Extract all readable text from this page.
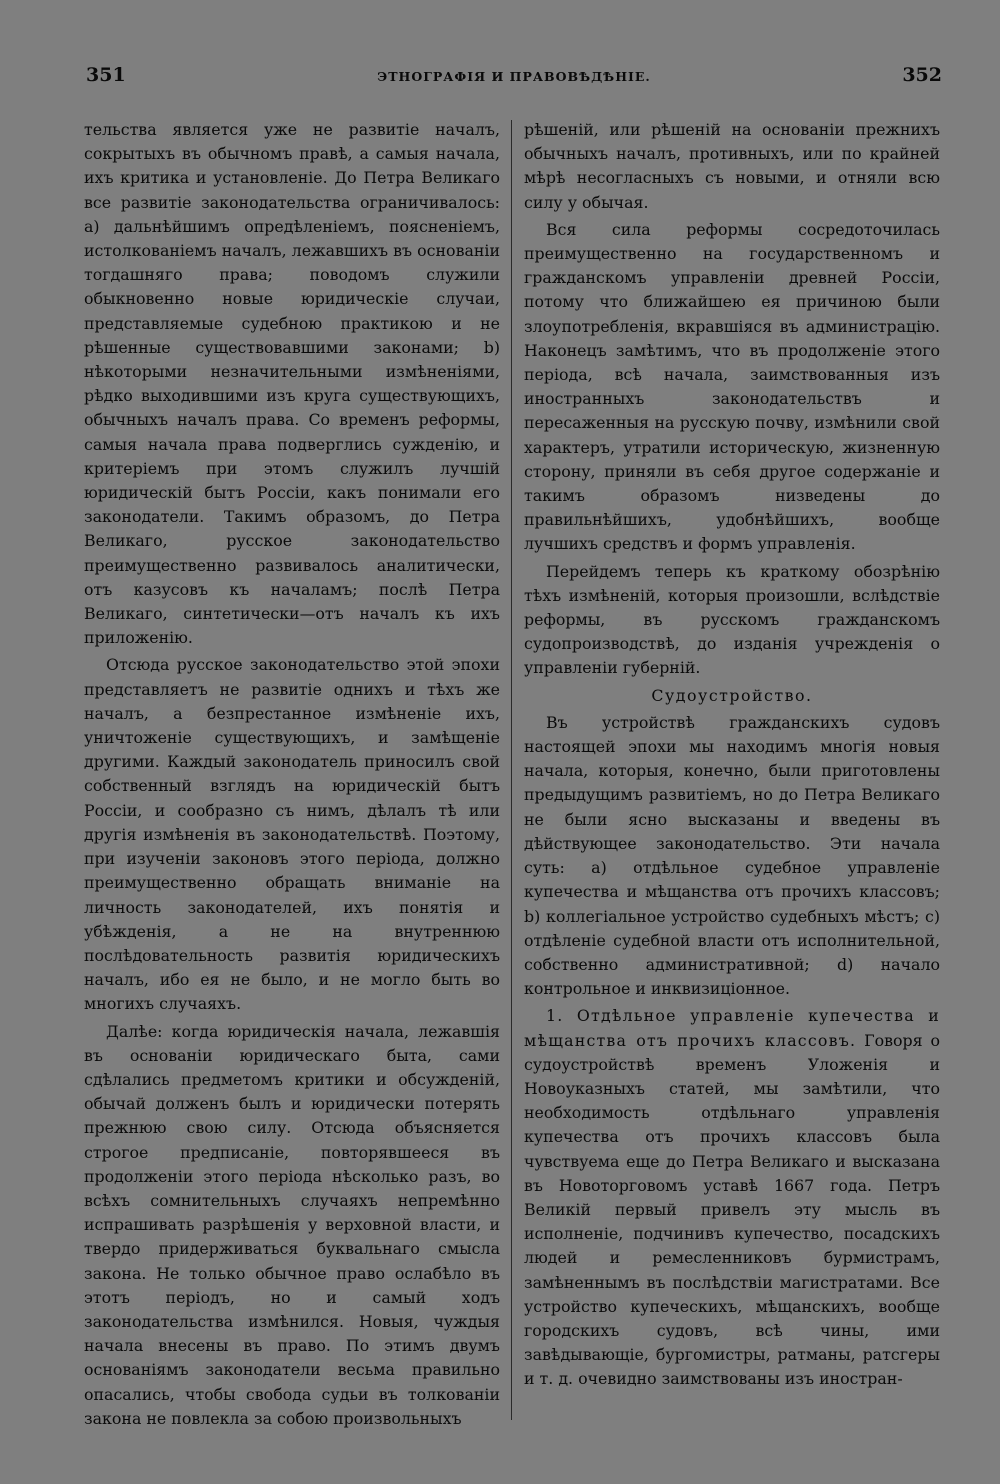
351	ЭТНОГРАФІЯ И ПРАВОВѢДѢНІЕ.	352

тельства является уже не развитіе началъ, сокрытыхъ въ обычномъ правѣ, а самыя начала, ихъ критика и установленіе. До Петра Великаго все развитіе законодательства ограничивалось: a) дальнѣйшимъ опредѣленіемъ, поясненіемъ, истолкованіемъ началъ, лежавшихъ въ основаніи тогдашняго права; поводомъ служили обыкновенно новые юридическіе случаи, представляемые судебною практикою и не рѣшенные существовавшими законами; b) нѣкоторыми незначительными измѣненіями, рѣдко выходившими изъ круга существующихъ, обычныхъ началъ права. Со временъ реформы, самыя начала права подверглись сужденію, и критеріемъ при этомъ служилъ лучшій юридическій бытъ Россіи, какъ понимали его законодатели. Такимъ образомъ, до Петра Великаго, русское законодательство преимущественно развивалось аналитически, отъ казусовъ къ началамъ; послѣ Петра Великаго, синтетически—отъ началъ къ ихъ приложенію.

Отсюда русское законодательство этой эпохи представляетъ не развитіе однихъ и тѣхъ же началъ, а безпрестанное измѣненіе ихъ, уничтоженіе существующихъ, и замѣщеніе другими. Каждый законодатель приносилъ свой собственный взглядъ на юридическій бытъ Россіи, и сообразно съ нимъ, дѣлалъ тѣ или другія измѣненія въ законодательствѣ. Поэтому, при изученіи законовъ этого періода, должно преимущественно обращать вниманіе на личность законодателей, ихъ понятія и убѣжденія, а не на внутреннюю послѣдовательность развитія юридическихъ началъ, ибо ея не было, и не могло быть во многихъ случаяхъ.

Далѣе: когда юридическія начала, лежавшія въ основаніи юридическаго быта, сами сдѣлались предметомъ критики и обсужденій, обычай долженъ былъ и юридически потерять прежнюю свою силу. Отсюда объясняется строгое предписаніе, повторявшееся въ продолженіи этого періода нѣсколько разъ, во всѣхъ сомнительныхъ случаяхъ непремѣнно испрашивать разрѣшенія у верховной власти, и твердо придерживаться буквальнаго смысла закона. Не только обычное право ослабѣло въ этотъ періодъ, но и самый ходъ законодательства измѣнился. Новыя, чуждыя начала внесены въ право. По этимъ двумъ основаніямъ законодатели весьма правильно опасались, чтобы свобода судьи въ толкованіи закона не повлекла за собою произвольныхъ

рѣшеній, или рѣшеній на основаніи прежнихъ обычныхъ началъ, противныхъ, или по крайней мѣрѣ несогласныхъ съ новыми, и отняли всю силу у обычая.

Вся сила реформы сосредоточилась преимущественно на государственномъ и гражданскомъ управленіи древней Россіи, потому что ближайшею ея причиною были злоупотребленія, вкравшіяся въ администрацію. Наконецъ замѣтимъ, что въ продолженіе этого періода, всѣ начала, заимствованныя изъ иностранныхъ законодательствъ и пересаженныя на русскую почву, измѣнили свой характеръ, утратили историческую, жизненную сторону, приняли въ себя другое содержаніе и такимъ образомъ низведены до правильнѣйшихъ, удобнѣйшихъ, вообще лучшихъ средствъ и формъ управленія.

Перейдемъ теперь къ краткому обозрѣнію тѣхъ измѣненій, которыя произошли, вслѣдствіе реформы, въ русскомъ гражданскомъ судопроизводствѣ, до изданія учрежденія о управленіи губерній.

Судоустройство.

Въ устройствѣ гражданскихъ судовъ настоящей эпохи мы находимъ многія новыя начала, которыя, конечно, были приготовлены предыдущимъ развитіемъ, но до Петра Великаго не были ясно высказаны и введены въ дѣйствующее законодательство. Эти начала суть: a) отдѣльное судебное управленіе купечества и мѣщанства отъ прочихъ классовъ; b) коллегіальное устройство судебныхъ мѣстъ; c) отдѣленіе судебной власти отъ исполнительной, собственно административной; d) начало контрольное и инквизиціонное.

1. Отдѣльное управленіе купечества и мѣщанства отъ прочихъ классовъ. Говоря о судоустройствѣ временъ Уложенія и Новоуказныхъ статей, мы замѣтили, что необходимость отдѣльнаго управленія купечества отъ прочихъ классовъ была чувствуема еще до Петра Великаго и высказана въ Новоторговомъ уставѣ 1667 года. Петръ Великій первый привелъ эту мысль въ исполненіе, подчинивъ купечество, посадскихъ людей и ремесленниковъ бурмистрамъ, замѣненнымъ въ послѣдствіи магистратами. Все устройство купеческихъ, мѣщанскихъ, вообще городскихъ судовъ, всѣ чины, ими завѣдывающіе, бургомистры, ратманы, ратсгеры и т. д. очевидно заимствованы изъ иностран-
